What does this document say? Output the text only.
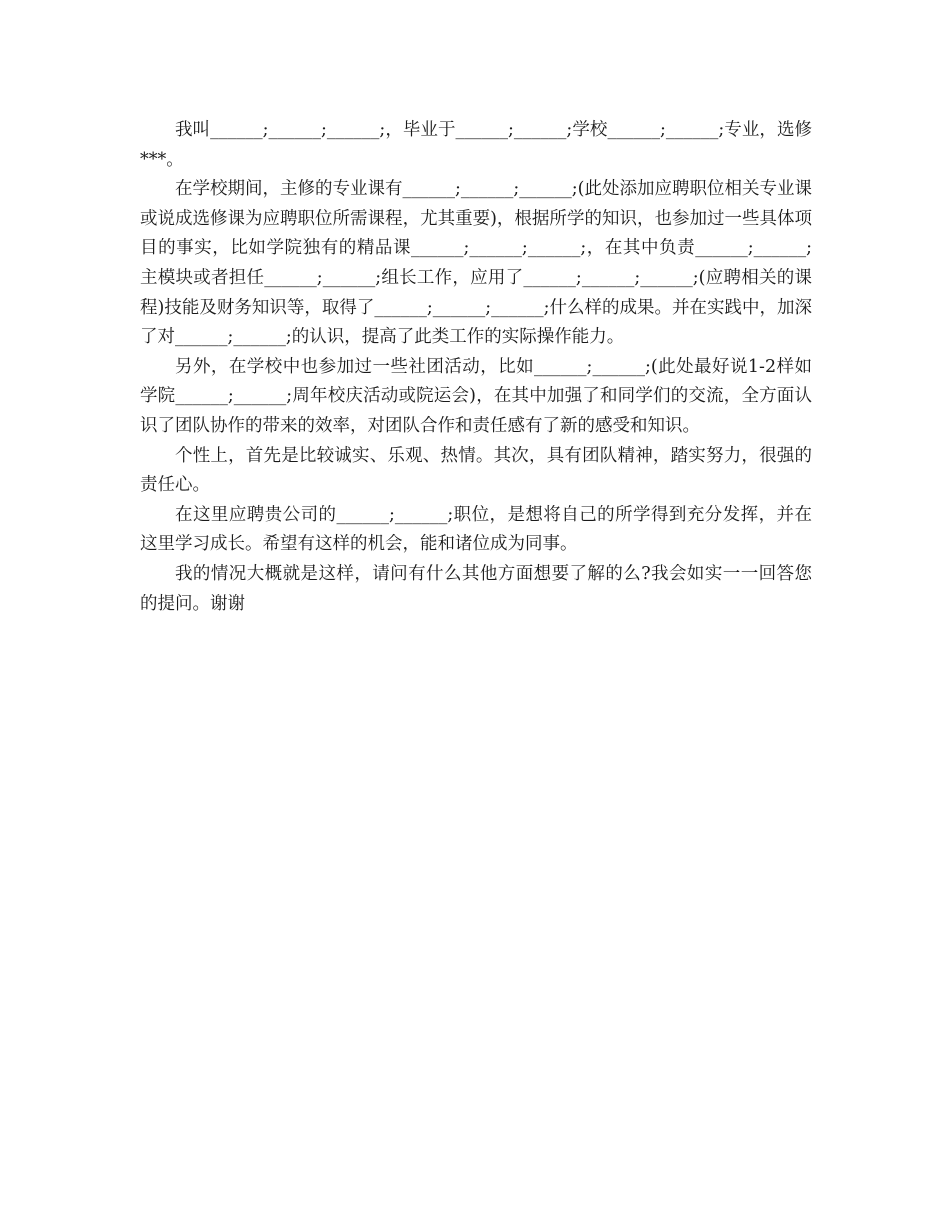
我叫______;______;______;，毕业于______;______;学校______;______;专业，选修***。

在学校期间，主修的专业课有______;______;______;(此处添加应聘职位相关专业课或说成选修课为应聘职位所需课程，尤其重要)，根据所学的知识，也参加过一些具体项目的事实，比如学院独有的精品课______;______;______;，在其中负责______;______;主模块或者担任______;______;组长工作，应用了______;______;______;(应聘相关的课程)技能及财务知识等，取得了______;______;______;什么样的成果。并在实践中，加深了对______;______;的认识，提高了此类工作的实际操作能力。

另外，在学校中也参加过一些社团活动，比如______;______;(此处最好说1-2样如学院______;______;周年校庆活动或院运会)，在其中加强了和同学们的交流，全方面认识了团队协作的带来的效率，对团队合作和责任感有了新的感受和知识。

个性上，首先是比较诚实、乐观、热情。其次，具有团队精神，踏实努力，很强的责任心。

在这里应聘贵公司的______;______;职位，是想将自己的所学得到充分发挥，并在这里学习成长。希望有这样的机会，能和诸位成为同事。

我的情况大概就是这样，请问有什么其他方面想要了解的么?我会如实一一回答您的提问。谢谢
